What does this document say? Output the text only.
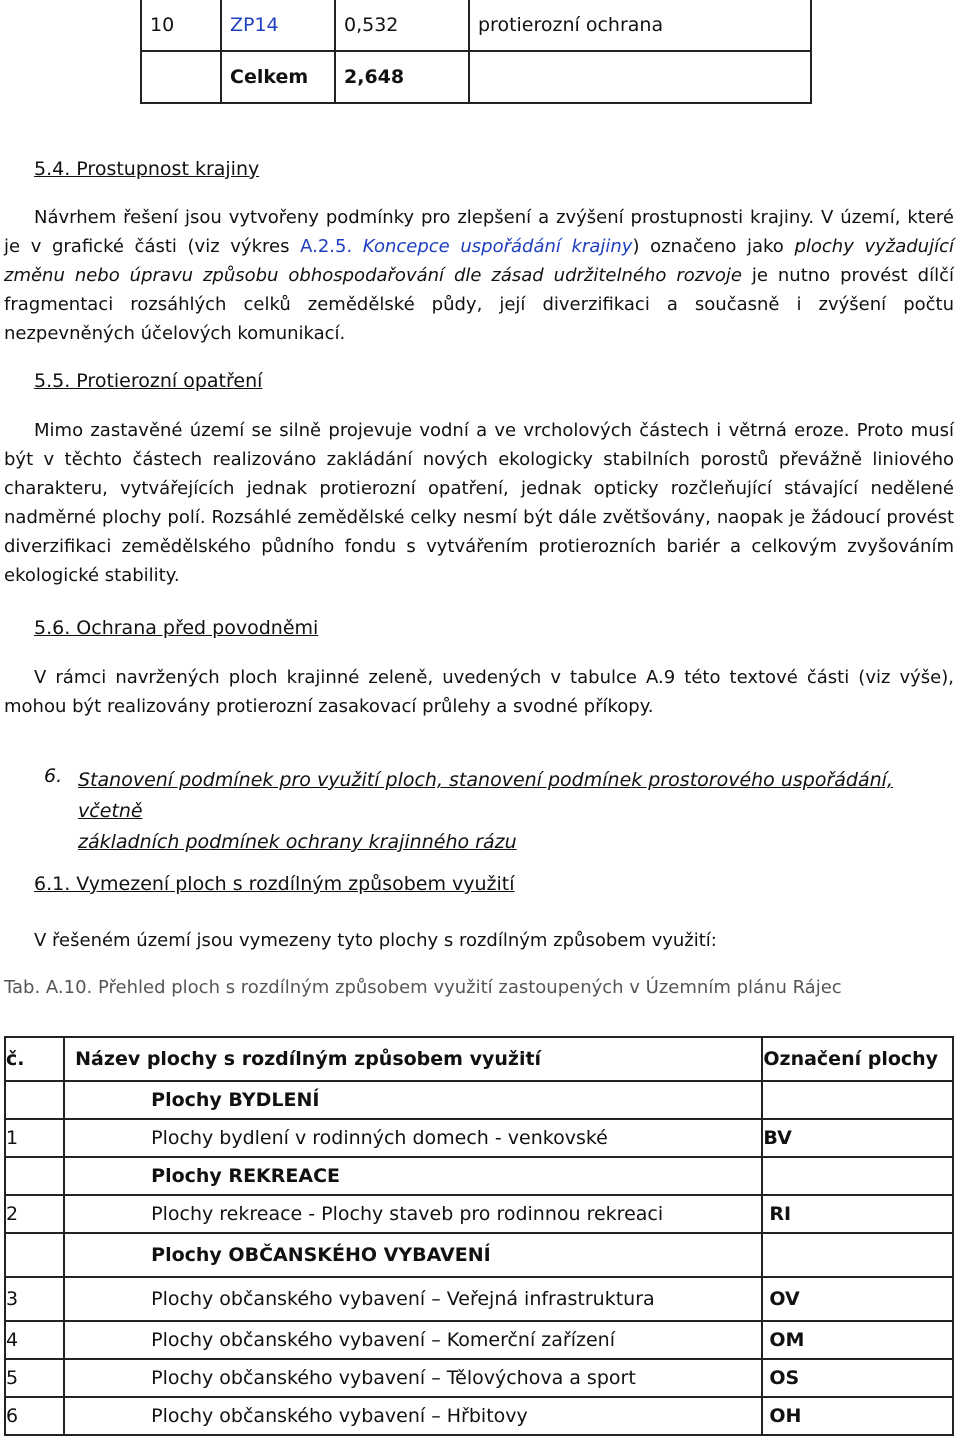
10	ZP14	0,532	protierozní ochrana
	Celkem	2,648	
5.4. Prostupnost krajiny
Návrhem řešení jsou vytvořeny podmínky pro zlepšení a zvýšení prostupnosti krajiny. V území, které je v grafické části (viz výkres A.2.5. Koncepce uspořádání krajiny) označeno jako plochy vyžadující změnu nebo úpravu způsobu obhospodařování dle zásad udržitelného rozvoje je nutno provést dílčí fragmentaci rozsáhlých celků zemědělské půdy, její diverzifikaci a současně i zvýšení počtu nezpevněných účelových komunikací.
5.5. Protierozní opatření
Mimo zastavěné území se silně projevuje vodní a ve vrcholových částech i větrná eroze. Proto musí být v těchto částech realizováno zakládání nových ekologicky stabilních porostů převážně liniového charakteru, vytvářejících jednak protierozní opatření, jednak opticky rozčleňující stávající nedělené nadměrné plochy polí. Rozsáhlé zemědělské celky nesmí být dále zvětšovány, naopak je žádoucí provést diverzifikaci zemědělského půdního fondu s vytvářením protierozních bariér a celkovým zvyšováním ekologické stability.
5.6. Ochrana před povodněmi
V rámci navržených ploch krajinné zeleně, uvedených v tabulce A.9 této textové části (viz výše), mohou být realizovány protierozní zasakovací průlehy a svodné příkopy.
6. Stanovení podmínek pro využití ploch, stanovení podmínek prostorového uspořádání, včetně
základních podmínek ochrany krajinného rázu
6.1. Vymezení ploch s rozdílným způsobem využití
V řešeném území jsou vymezeny tyto plochy s rozdílným způsobem využití:
Tab. A.10. Přehled ploch s rozdílným způsobem využití zastoupených v Územním plánu Rájec
č.	Název plochy s rozdílným způsobem využití	Označení plochy
	Plochy BYDLENÍ	
1	Plochy bydlení v rodinných domech - venkovské	BV
	Plochy REKREACE	
2	Plochy rekreace - Plochy staveb pro rodinnou rekreaci	RI
	Plochy OBČANSKÉHO VYBAVENÍ	
3	Plochy občanského vybavení – Veřejná infrastruktura	OV
4	Plochy občanského vybavení – Komerční zařízení	OM
5	Plochy občanského vybavení – Tělovýchova a sport	OS
6	Plochy občanského vybavení – Hřbitovy	OH
